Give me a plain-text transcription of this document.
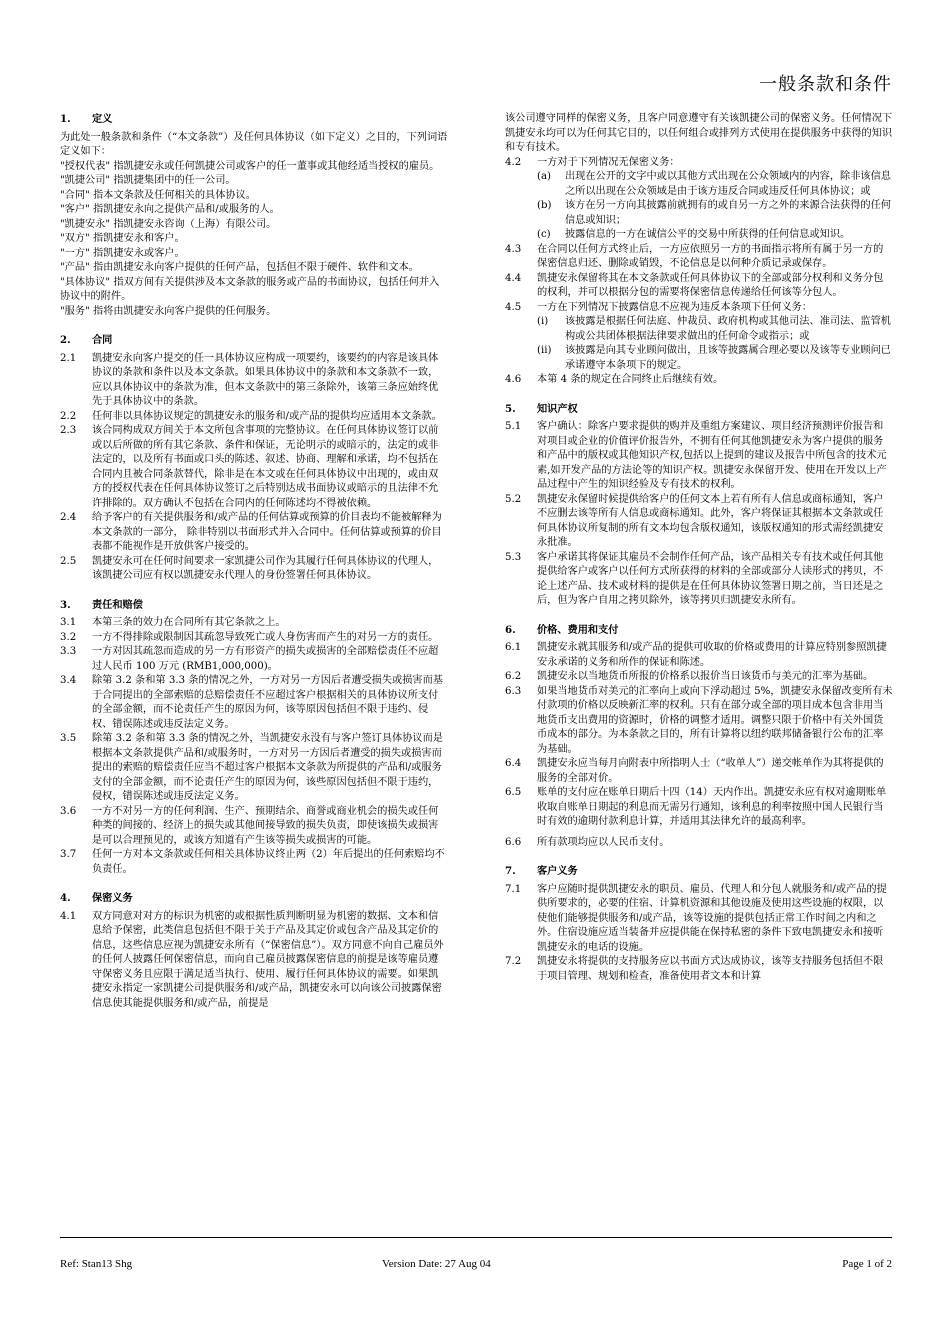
一般条款和条件
1.	定义

为此处一般条款和条件（“本文条款”）及任何具体协议（如下定义）之目的，下列词语定义如下：

"授权代表" 指凯捷安永或任何凯捷公司或客户的任一董事或其他经适当授权的雇员。

"凯捷公司" 指凯捷集团中的任一公司。

"合同" 指本文条款及任何相关的具体协议。

"客户" 指凯捷安永向之提供产品和/或服务的人。

"凯捷安永" 指凯捷安永咨询（上海）有限公司。

"双方" 指凯捷安永和客户。

"一方" 指凯捷安永或客户。

"产品" 指由凯捷安永向客户提供的任何产品，包括但不限于硬件、软件和文本。

"具体协议" 指双方间有关提供涉及本文条款的服务或产品的书面协议，包括任何并入协议中的附件。

"服务" 指将由凯捷安永向客户提供的任何服务。

2.	合同
2.1	凯捷安永向客户提交的任一具体协议应构成一项要约，该要约的内容是该具体协议的条款和条件以及本文条款。如果具体协议中的条款和本文条款不一致，应以具体协议中的条款为准，但本文条款中的第三条除外，该第三条应始终优先于具体协议中的条款。
2.2	任何非以具体协议规定的凯捷安永的服务和/或产品的提供均应适用本文条款。
2.3	该合同构成双方间关于本文所包含事项的完整协议。在任何具体协议签订以前或以后所做的所有其它条款、条件和保证，无论明示的或暗示的，法定的或非法定的，以及所有书面或口头的陈述、叙述、协商、理解和承诺，均不包括在合同内且被合同条款替代，除非是在本文或在任何具体协议中出现的，或由双方的授权代表在任何具体协议签订之后特别达成书面协议或暗示的且法律不允许排除的。双方确认不包括在合同内的任何陈述均不得被依赖。
2.4	给予客户的有关提供服务和/或产品的任何估算或预算的价目表均不能被解释为本文条款的一部分， 除非特别以书面形式并入合同中。任何估算或预算的价目表都不能视作是开放供客户接受的。
2.5	凯捷安永可在任何时间要求一家凯捷公司作为其履行任何具体协议的代理人，该凯捷公司应有权以凯捷安永代理人的身份签署任何具体协议。
3.	责任和赔偿
3.1	本第三条的效力在合同所有其它条款之上。
3.2	一方不得排除或限制因其疏忽导致死亡或人身伤害而产生的对另一方的责任。
3.3	一方对因其疏忽而造成的另一方有形资产的损失或损害的全部赔偿责任不应超过人民币 100 万元 (RMB1,000,000)。
3.4	除第 3.2 条和第 3.3 条的情况之外，一方对另一方因后者遭受损失或损害而基于合同提出的全部索赔的总赔偿责任不应超过客户根据相关的具体协议所支付的全部金额，而不论责任产生的原因为何，该等原因包括但不限于违约、侵权、错误陈述或违反法定义务。
3.5	除第 3.2 条和第 3.3 条的情况之外，当凯捷安永没有与客户签订具体协议而是根据本文条款提供产品和/或服务时，一方对另一方因后者遭受的损失或损害而提出的索赔的赔偿责任应当不超过客户根据本文条款为所提供的产品和/或服务支付的全部金额，而不论责任产生的原因为何，该些原因包括但不限于违约，侵权，错误陈述或违反法定义务。
3.6	一方不对另一方的任何利润、生产、预期结余、商誉或商业机会的损失或任何种类的间接的、经济上的损失或其他间接导致的损失负责，即使该损失或损害是可以合理预见的，或该方知道有产生该等损失或损害的可能。
3.7	任何一方对本文条款或任何相关具体协议终止两（2）年后提出的任何索赔均不负责任。
4.	保密义务
4.1	双方同意对对方的标识为机密的或根据性质判断明显为机密的数据、文本和信息给予保密，此类信息包括但不限于关于产品及其定价或包含产品及其定价的信息，这些信息应视为凯捷安永所有（“保密信息”）。双方同意不向自己雇员外的任何人披露任何保密信息，而向自己雇员披露保密信息的前提是该等雇员遵守保密义务且应限于满足适当执行、使用、履行任何具体协议的需要。如果凯捷安永指定一家凯捷公司提供服务和/或产品，凯捷安永可以向该公司披露保密信息使其能提供服务和/或产品，前提是

该公司遵守同样的保密义务，且客户同意遵守有关该凯捷公司的保密义务。任何情况下凯捷安永均可以为任何其它目的，以任何组合或排列方式使用在提供服务中获得的知识和专有技术。

4.2	一方对于下列情况无保密义务：
(a)	出现在公开的文字中或以其他方式出现在公众领域内的内容，除非该信息之所以出现在公众领域是由于该方违反合同或违反任何具体协议；或
(b)	该方在另一方向其披露前就拥有的或自另一方之外的来源合法获得的任何信息或知识；
(c)	披露信息的一方在诚信公平的交易中所获得的任何信息或知识。
4.3	在合同以任何方式终止后，一方应依照另一方的书面指示将所有属于另一方的保密信息归还、删除或销毁，不论信息是以何种介质记录或保存。
4.4	凯捷安永保留将其在本文条款或任何具体协议下的全部或部分权利和义务分包的权利，并可以根据分包的需要将保密信息传递给任何该等分包人。
4.5	一方在下列情况下披露信息不应视为违反本条项下任何义务：
(i)	该披露是根据任何法庭、仲裁员、政府机构或其他司法、准司法、监管机构或公共团体根据法律要求做出的任何命令或指示；或
(ii)	该披露是向其专业顾问做出，且该等披露属合理必要以及该等专业顾问已承诺遵守本条项下的规定。
4.6	本第 4 条的规定在合同终止后继续有效。
5.	知识产权
5.1	客户确认：除客户要求提供的购并及重组方案建议、项目经济预测评价报告和对项目或企业的价值评价报告外，不拥有任何其他凯捷安永为客户提供的服务和产品中的版权或其他知识产权,包括以上提到的建议及报告中所包含的技术元素,如开发产品的方法论等的知识产权。凯捷安永保留开发、使用在开发以上产品过程中产生的知识经验及专有技术的权利。
5.2	凯捷安永保留时候提供给客户的任何文本上若有所有人信息或商标通知，客户不应删去该等所有人信息或商标通知。此外，客户将保证其根据本文条款或任何具体协议所复制的所有文本均包含版权通知，该版权通知的形式需经凯捷安永批准。
5.3	客户承诺其将保证其雇员不会制作任何产品，该产品相关专有技术或任何其他提供给客户或客户以任何方式所获得的材料的全部或部分人读形式的拷贝，不论上述产品、技术或材料的提供是在任何具体协议签署日期之前，当日还是之后，但为客户自用之拷贝除外，该等拷贝归凯捷安永所有。
6.	价格、费用和支付
6.1	凯捷安永就其服务和/或产品的提供可收取的价格或费用的计算应特别参照凯捷安永承诺的义务和所作的保证和陈述。
6.2	凯捷安永以当地货币所报的价格系以报价当日该货币与美元的汇率为基础。
6.3	如果当地货币对美元的汇率向上或向下浮动超过 5%，凯捷安永保留改变所有未付款项的价格以反映新汇率的权利。只有在部分或全部的项目成本包含非用当地货币支出费用的资源时，价格的调整才适用。调整只限于价格中有关外国货币成本的部分。为本条款之目的，所有计算将以纽约联邦储备银行公布的汇率为基础。
6.4	凯捷安永应当每月向附表中所指明人士（“收单人”）递交帐单作为其将提供的服务的全部对价。
6.5	账单的支付应在账单日期后十四（14）天内作出。凯捷安永应有权对逾期账单收取自账单日期起的利息而无需另行通知，该利息的利率按照中国人民银行当时有效的逾期付款利息计算，并适用其法律允许的最高利率。
6.6	所有款项均应以人民币支付。
7.	客户义务
7.1	客户应随时提供凯捷安永的职员、雇员、代理人和分包人就服务和/或产品的提供所要求的，必要的住宿、计算机资源和其他设施及使用这些设施的权限，以使他们能够提供服务和/或产品，该等设施的提供包括正常工作时间之内和之外。住宿设施应适当装备并应提供能在保持私密的条件下致电凯捷安永和接听凯捷安永的电话的设施。
7.2	凯捷安永将提供的支持服务应以书面方式达成协议，该等支持服务包括但不限于项目管理、规划和检查，准备使用者文本和计算
Ref: Stan13 Shg	Version Date: 27 Aug 04	Page 1 of 2
